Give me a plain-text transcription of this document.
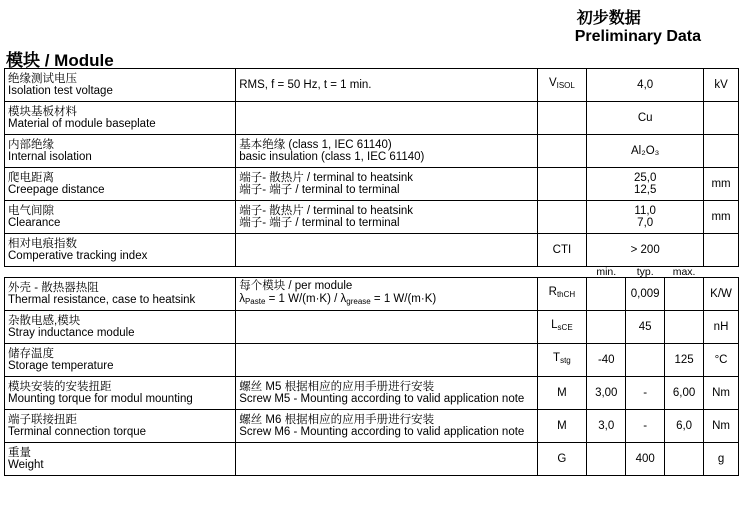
初步数据
Preliminary Data
模块 / Module
绝缘测试电压
Isolation test voltage	RMS, f = 50 Hz, t = 1 min.	$V_{ISOL}$	4,0			kV

模块基板材料
Material of module baseplate			Cu			

内部绝缘
Internal isolation	基本绝缘 (class 1, IEC 61140)
basic insulation (class 1, IEC 61140)		Al₂O₃			

爬电距离
Creepage distance	端子- 散热片 / terminal to heatsink
端子- 端子 / terminal to terminal		25,0
12,5			mm

电气间隙
Clearance	端子- 散热片 / terminal to heatsink
端子- 端子 / terminal to terminal		11,0
7,0			mm

相对电痕指数
Comperative tracking index		CTI	> 200			
			min.	typ.	max.	

外壳 - 散热器热阻
Thermal resistance, case to heatsink	每个模块 / per module
$\lambda_{Paste} = 1$ $W/(m\cdot K) / \lambda_{grease} = 1$ W/(m·K)	$R_{thCH}$		0,009		K/W

杂散电感,模块
Stray inductance module		$L_{sCE}$		45		nH

储存温度
Storage temperature		$T_{stg}$	-40		125	°C

模块安装的安装扭距
Mounting torque for modul mounting	螺丝 M5 根据相应的应用手册进行安装
Screw M5 - Mounting according to valid application note	M	3,00	-	6,00	Nm

端子联接扭距
Terminal connection torque	螺丝 M6 根据相应的应用手册进行安装
Screw M6 - Mounting according to valid application note	M	3,0	-	6,0	Nm

重量
Weight		G		400		g
